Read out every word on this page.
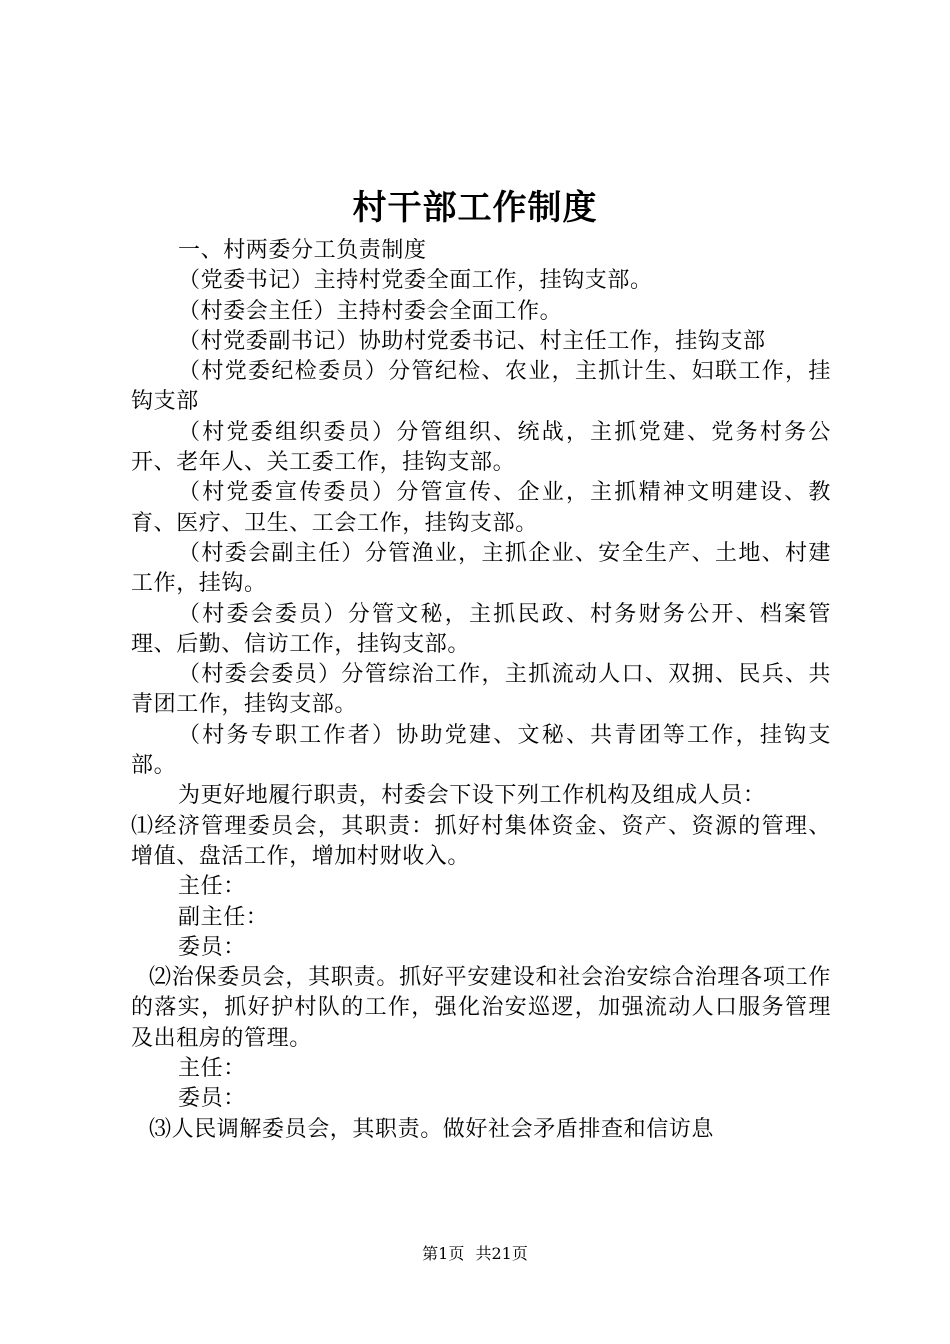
村干部工作制度

一、村两委分工负责制度

（党委书记）主持村党委全面工作，挂钩支部。

（村委会主任）主持村委会全面工作。

（村党委副书记）协助村党委书记、村主任工作，挂钩支部

（村党委纪检委员）分管纪检、农业，主抓计生、妇联工作，挂钩支部

（村党委组织委员）分管组织、统战，主抓党建、党务村务公开、老年人、关工委工作，挂钩支部。

（村党委宣传委员）分管宣传、企业，主抓精神文明建设、教育、医疗、卫生、工会工作，挂钩支部。

（村委会副主任）分管渔业，主抓企业、安全生产、土地、村建工作，挂钩。

（村委会委员）分管文秘，主抓民政、村务财务公开、档案管理、后勤、信访工作，挂钩支部。

（村委会委员）分管综治工作，主抓流动人口、双拥、民兵、共青团工作，挂钩支部。

（村务专职工作者）协助党建、文秘、共青团等工作，挂钩支部。

为更好地履行职责，村委会下设下列工作机构及组成人员：

⑴经济管理委员会，其职责：抓好村集体资金、资产、资源的管理、增值、盘活工作，增加村财收入。

主任：

副主任：

委员：

⑵治保委员会，其职责。抓好平安建设和社会治安综合治理各项工作的落实，抓好护村队的工作，强化治安巡逻，加强流动人口服务管理及出租房的管理。

主任：

委员：

⑶人民调解委员会，其职责。做好社会矛盾排查和信访息

第1页 共21页
